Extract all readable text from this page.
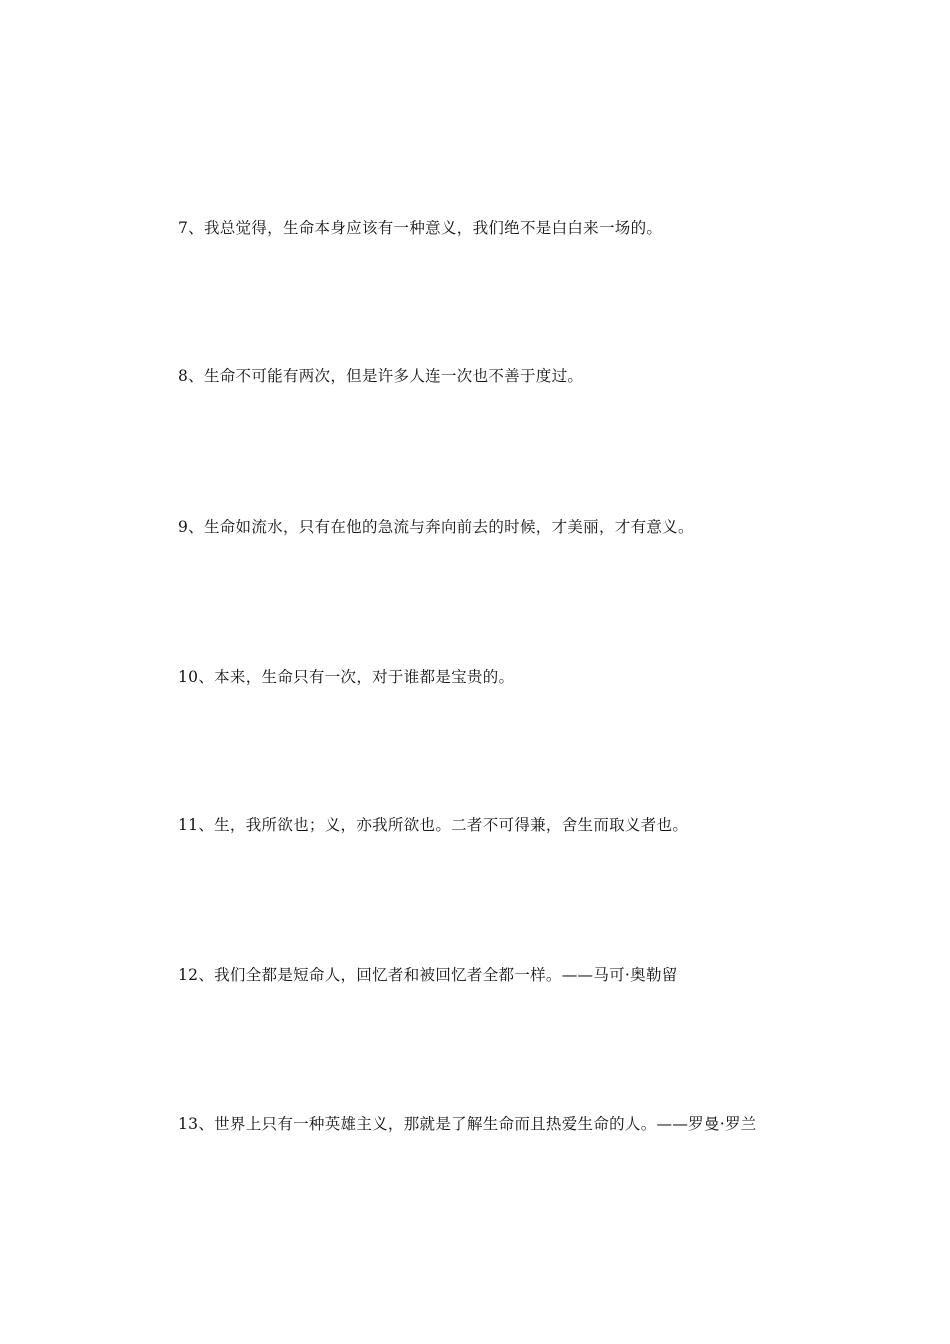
7、我总觉得，生命本身应该有一种意义，我们绝不是白白来一场的。

8、生命不可能有两次，但是许多人连一次也不善于度过。

9、生命如流水，只有在他的急流与奔向前去的时候，才美丽，才有意义。

10、本来，生命只有一次，对于谁都是宝贵的。

11、生，我所欲也；义，亦我所欲也。二者不可得兼，舍生而取义者也。

12、我们全都是短命人，回忆者和被回忆者全都一样。——马可·奥勒留

13、世界上只有一种英雄主义，那就是了解生命而且热爱生命的人。——罗曼·罗兰
